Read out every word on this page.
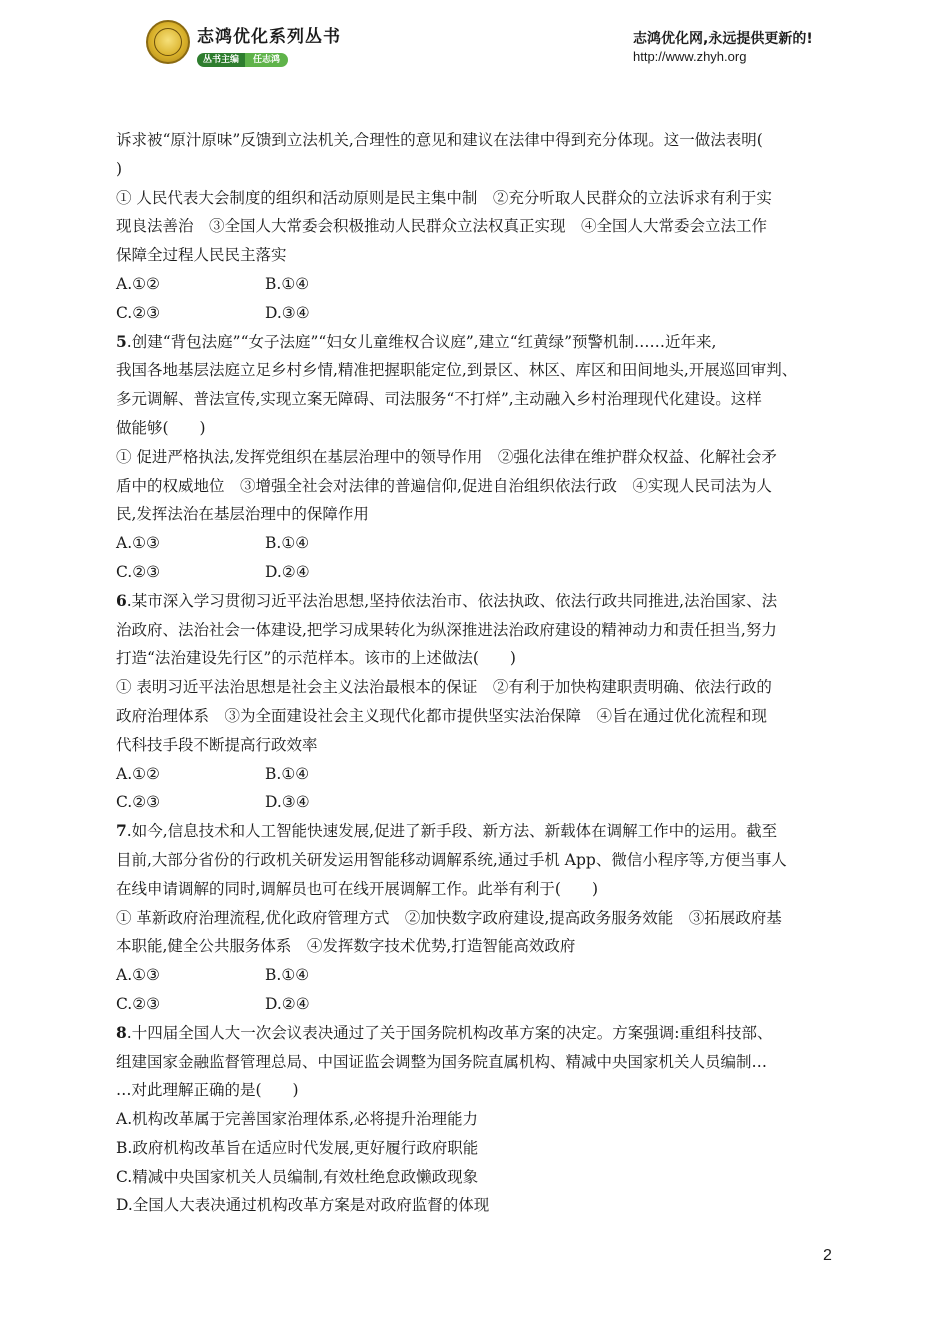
志鸿优化系列丛书
丛书主编 任志鸿
志鸿优化网,永远提供更新的!
http://www.zhyh.org
诉求被“原汁原味”反馈到立法机关,合理性的意见和建议在法律中得到充分体现。这一做法表明(
)
① 人民代表大会制度的组织和活动原则是民主集中制　②充分听取人民群众的立法诉求有利于实
现良法善治　③全国人大常委会积极推动人民群众立法权真正实现　④全国人大常委会立法工作
保障全过程人民民主落实
A.①②	B.①④
C.②③	D.③④
5.创建“背包法庭”“女子法庭”“妇女儿童维权合议庭”,建立“红黄绿”预警机制……近年来,
我国各地基层法庭立足乡村乡情,精准把握职能定位,到景区、林区、库区和田间地头,开展巡回审判、
多元调解、普法宣传,实现立案无障碍、司法服务“不打烊”,主动融入乡村治理现代化建设。这样
做能够(　　)
① 促进严格执法,发挥党组织在基层治理中的领导作用　②强化法律在维护群众权益、化解社会矛
盾中的权威地位　③增强全社会对法律的普遍信仰,促进自治组织依法行政　④实现人民司法为人
民,发挥法治在基层治理中的保障作用
A.①③	B.①④
C.②③	D.②④
6.某市深入学习贯彻习近平法治思想,坚持依法治市、依法执政、依法行政共同推进,法治国家、法
治政府、法治社会一体建设,把学习成果转化为纵深推进法治政府建设的精神动力和责任担当,努力
打造“法治建设先行区”的示范样本。该市的上述做法(　　)
① 表明习近平法治思想是社会主义法治最根本的保证　②有利于加快构建职责明确、依法行政的
政府治理体系　③为全面建设社会主义现代化都市提供坚实法治保障　④旨在通过优化流程和现
代科技手段不断提高行政效率
A.①②	B.①④
C.②③	D.③④
7.如今,信息技术和人工智能快速发展,促进了新手段、新方法、新载体在调解工作中的运用。截至
目前,大部分省份的行政机关研发运用智能移动调解系统,通过手机 App、微信小程序等,方便当事人
在线申请调解的同时,调解员也可在线开展调解工作。此举有利于(　　)
① 革新政府治理流程,优化政府管理方式　②加快数字政府建设,提高政务服务效能　③拓展政府基
本职能,健全公共服务体系　④发挥数字技术优势,打造智能高效政府
A.①③	B.①④
C.②③	D.②④
8.十四届全国人大一次会议表决通过了关于国务院机构改革方案的决定。方案强调:重组科技部、
组建国家金融监督管理总局、中国证监会调整为国务院直属机构、精减中央国家机关人员编制…
…对此理解正确的是(　　)
A.机构改革属于完善国家治理体系,必将提升治理能力
B.政府机构改革旨在适应时代发展,更好履行政府职能
C.精减中央国家机关人员编制,有效杜绝怠政懒政现象
D.全国人大表决通过机构改革方案是对政府监督的体现
2
